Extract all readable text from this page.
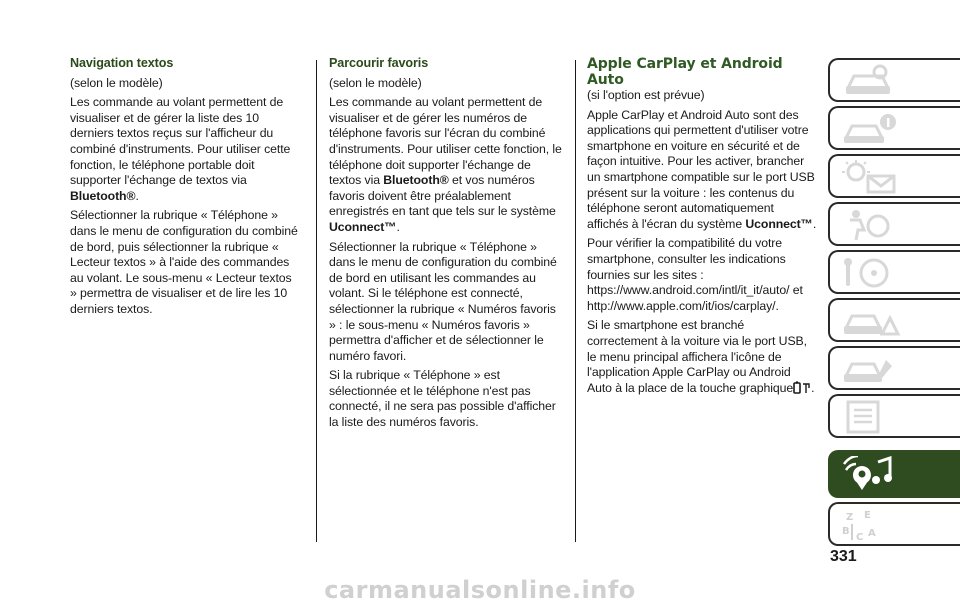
Navigation textos

(selon le modèle)

Les commande au volant permettent de visualiser et de gérer la liste des 10 derniers textos reçus sur l'afficheur du combiné d'instruments. Pour utiliser cette fonction, le téléphone portable doit supporter l'échange de textos via Bluetooth®.

Sélectionner la rubrique « Téléphone » dans le menu de configuration du combiné de bord, puis sélectionner la rubrique « Lecteur textos » à l'aide des commandes au volant. Le sous-menu « Lecteur textos » permettra de visualiser et de lire les 10 derniers textos.

Parcourir favoris

(selon le modèle)

Les commande au volant permettent de visualiser et de gérer les numéros de téléphone favoris sur l'écran du combiné d'instruments. Pour utiliser cette fonction, le téléphone doit supporter l'échange de textos via Bluetooth® et vos numéros favoris doivent être préalablement enregistrés en tant que tels sur le système Uconnect™.

Sélectionner la rubrique « Téléphone » dans le menu de configuration du combiné de bord en utilisant les commandes au volant. Si le téléphone est connecté, sélectionner la rubrique « Numéros favoris » : le sous-menu « Numéros favoris » permettra d'afficher et de sélectionner le numéro favori.

Si la rubrique « Téléphone » est sélectionnée et le téléphone n'est pas connecté, il ne sera pas possible d'afficher la liste des numéros favoris.

Apple CarPlay et Android Auto

(si l'option est prévue)

Apple CarPlay et Android Auto sont des applications qui permettent d'utiliser votre smartphone en voiture en sécurité et de façon intuitive. Pour les activer, brancher un smartphone compatible sur le port USB présent sur la voiture : les contenus du téléphone seront automatiquement affichés à l'écran du système Uconnect™.

Pour vérifier la compatibilité du votre smartphone, consulter les indications fournies sur les sites : https://www.android.com/intl/it_it/auto/ et http://www.apple.com/it/ios/carplay/.

Si le smartphone est branché correctement à la voiture via le port USB, le menu principal affichera l'icône de l'application Apple CarPlay ou Android Auto à la place de la touche graphique .

Z E
B
C A
331
carmanualsonline.info
